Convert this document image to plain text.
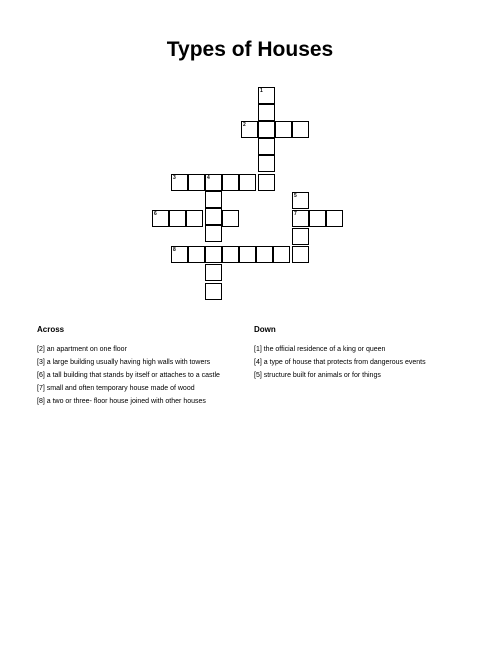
Types of Houses
1
2
3	4
6
5
7
8
Across	Down
[2] an apartment on one floor
[3] a large building usually having high walls with towers
[6] a tall building that stands by itself or attaches to a castle
[7] small and often temporary house made of wood
[8] a two or three- floor house joined with other houses
[1] the official residence of a king or queen
[4] a type of house that protects from dangerous events
[5] structure built for animals or for things
